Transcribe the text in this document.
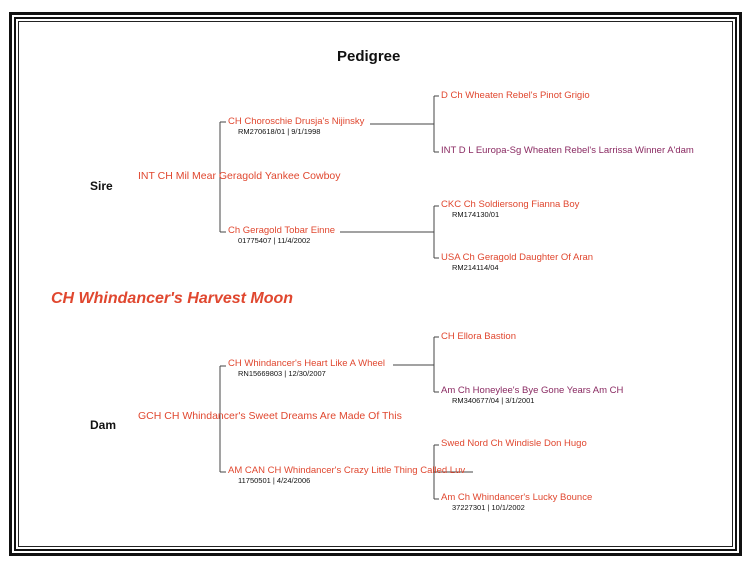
Pedigree
Sire
INT CH Mil Mear Geragold Yankee Cowboy
CH Choroschie Drusja's Nijinsky
RM270618/01 | 9/1/1998
D Ch Wheaten Rebel's Pinot Grigio
INT D L Europa-Sg Wheaten Rebel's Larrissa Winner A'dam
Ch Geragold Tobar Einne
01775407 | 11/4/2002
CKC Ch Soldiersong Fianna Boy
RM174130/01
USA Ch Geragold Daughter Of Aran
RM214114/04
CH Whindancer's Harvest Moon
Dam
GCH CH Whindancer's Sweet Dreams Are Made Of This
CH Whindancer's Heart Like A Wheel
RN15669803 | 12/30/2007
CH Ellora Bastion
Am Ch Honeylee's Bye Gone Years Am CH
RM340677/04 | 3/1/2001
AM CAN CH Whindancer's Crazy Little Thing Called Luv
11750501 | 4/24/2006
Swed Nord Ch Windisle Don Hugo
Am Ch Whindancer's Lucky Bounce
37227301 | 10/1/2002
